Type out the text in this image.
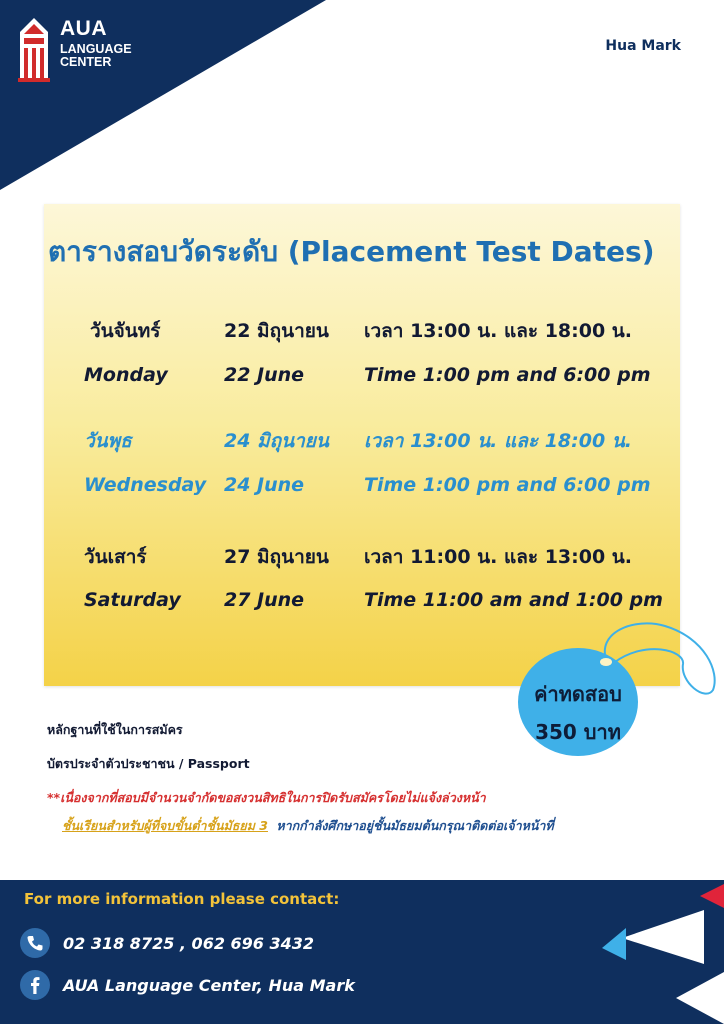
AUA
LANGUAGE
CENTER
Hua Mark
ตารางสอบวัดระดับ (Placement Test Dates)
วันจันทร์	22 มิถุนายน เวลา 13:00 น. และ 18:00 น.
Monday	22 June	Time 1:00 pm and 6:00 pm
วันพุธ	24 มิถุนายน เวลา 13:00 น. และ 18:00 น.
Wednesday 24 June	Time 1:00 pm and 6:00 pm
วันเสาร์	27 มิถุนายน เวลา 11:00 น. และ 13:00 น.
Saturday 27 June	Time 11:00 am and 1:00 pm
ค่าทดสอบ
350 บาท
หลักฐานที่ใช้ในการสมัคร
บัตรประจำตัวประชาชน / Passport
**เนื่องจากที่สอบมีจำนวนจำกัดขอสงวนสิทธิในการปิดรับสมัครโดยไม่แจ้งล่วงหน้า
ชั้นเรียนสำหรับผู้ที่จบขั้นต่ำชั้นมัธยม 3 หากกำลังศึกษาอยู่ชั้นมัธยมต้นกรุณาติดต่อเจ้าหน้าที่
For more information please contact:
02 318 8725 , 062 696 3432
AUA Language Center, Hua Mark
